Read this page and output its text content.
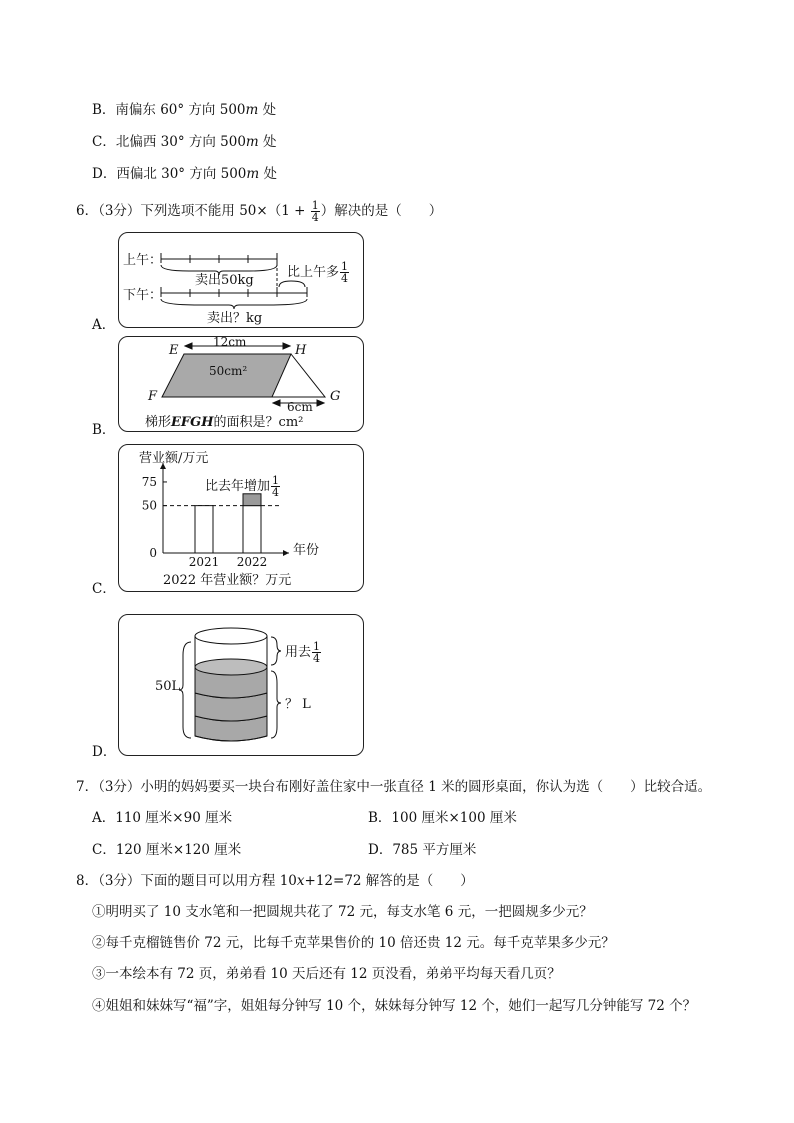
B．南偏东 60° 方向 500m 处
C．北偏西 30° 方向 500m 处
D．西偏北 30° 方向 500m 处
6．（3分）下列选项不能用 $50\times(1 + \frac{1}{4}$ ）解决的是（　　）
A．
上午：
下午：
卖出50kg
卖出？kg
比上午多 $\frac{1}{4}$
B．
E	H
F	G
12cm
50cm²
6cm
梯形EFGH的面积是？cm²
C．
0
50
75
2021 2022
营业额/万元
年份
比去年增加 $\frac{1}{4}$
2022 年营业额？万元
D．
50L
用去 $\frac{1}{4}$
？ L
7．（3分）小明的妈妈要买一块台布刚好盖住家中一张直径 1 米的圆形桌面，你认为选（　　）比较合适。
A．110 厘米×90 厘米	B．100 厘米×100 厘米
C．120 厘米×120 厘米	D．785 平方厘米
8．（3分）下面的题目可以用方程 10x+12=72 解答的是（　　）
①明明买了 10 支水笔和一把圆规共花了 72 元，每支水笔 6 元，一把圆规多少元？
②每千克榴链售价 72 元，比每千克苹果售价的 10 倍还贵 12 元。每千克苹果多少元？
③一本绘本有 72 页，弟弟看 10 天后还有 12 页没看，弟弟平均每天看几页？
④姐姐和妹妹写“福”字，姐姐每分钟写 10 个，妹妹每分钟写 12 个，她们一起写几分钟能写 72 个？
